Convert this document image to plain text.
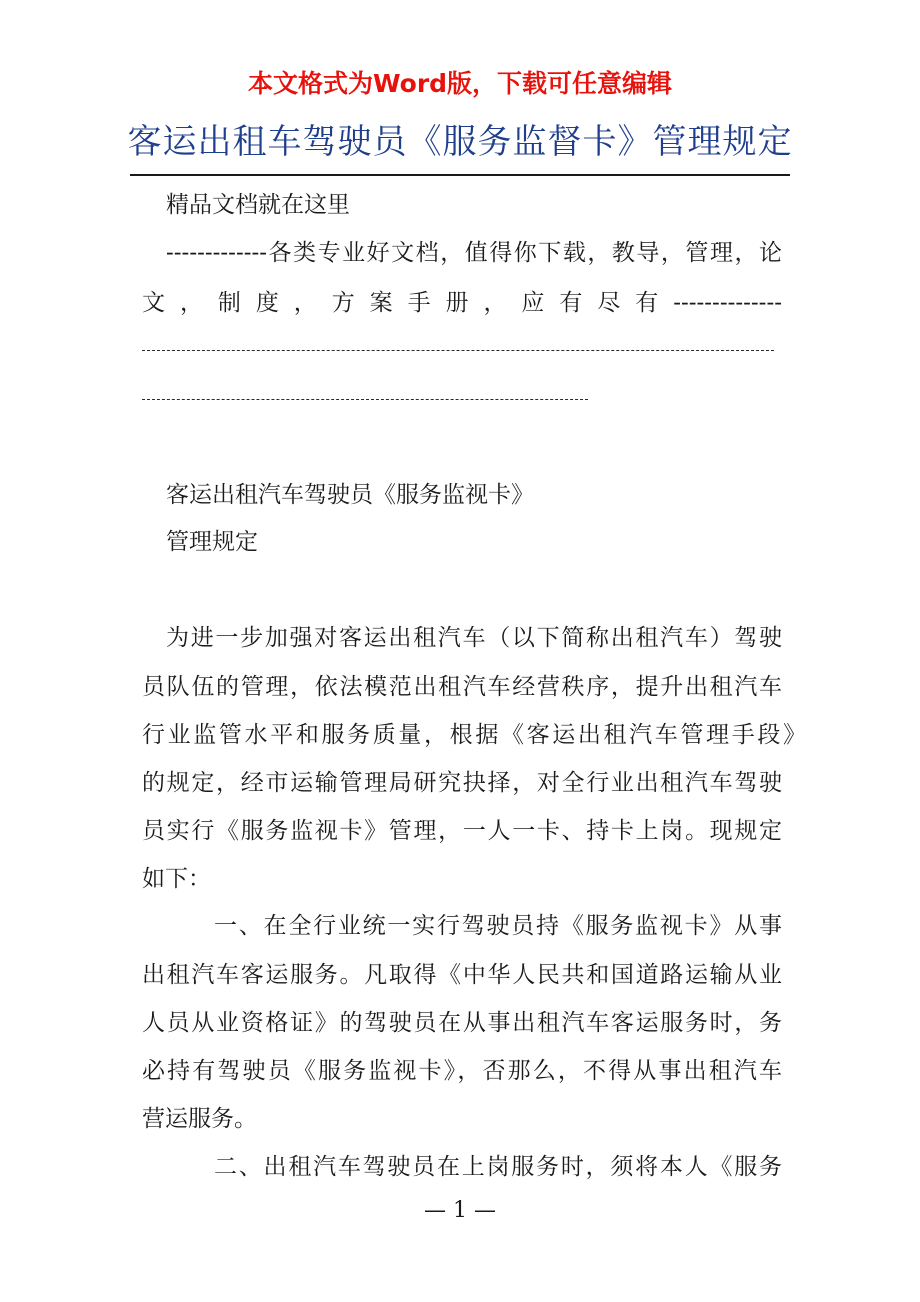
本文格式为Word版，下载可任意编辑
客运出租车驾驶员《服务监督卡》管理规定
精品文档就在这里
-------------各类专业好文档，值得你下载，教导，管理，论
文 ， 制 度 ， 方 案 手 册 ， 应 有 尽 有 --------------
客运出租汽车驾驶员《服务监视卡》
管理规定
为进一步加强对客运出租汽车（以下简称出租汽车）驾驶
员队伍的管理，依法模范出租汽车经营秩序，提升出租汽车
行业监管水平和服务质量，根据《客运出租汽车管理手段》
的规定，经市运输管理局研究抉择，对全行业出租汽车驾驶
员实行《服务监视卡》管理，一人一卡、持卡上岗。现规定
如下：
一、在全行业统一实行驾驶员持《服务监视卡》从事
出租汽车客运服务。凡取得《中华人民共和国道路运输从业
人员从业资格证》的驾驶员在从事出租汽车客运服务时，务
必持有驾驶员《服务监视卡》，否那么，不得从事出租汽车
营运服务。
二、出租汽车驾驶员在上岗服务时，须将本人《服务
— 1 —
